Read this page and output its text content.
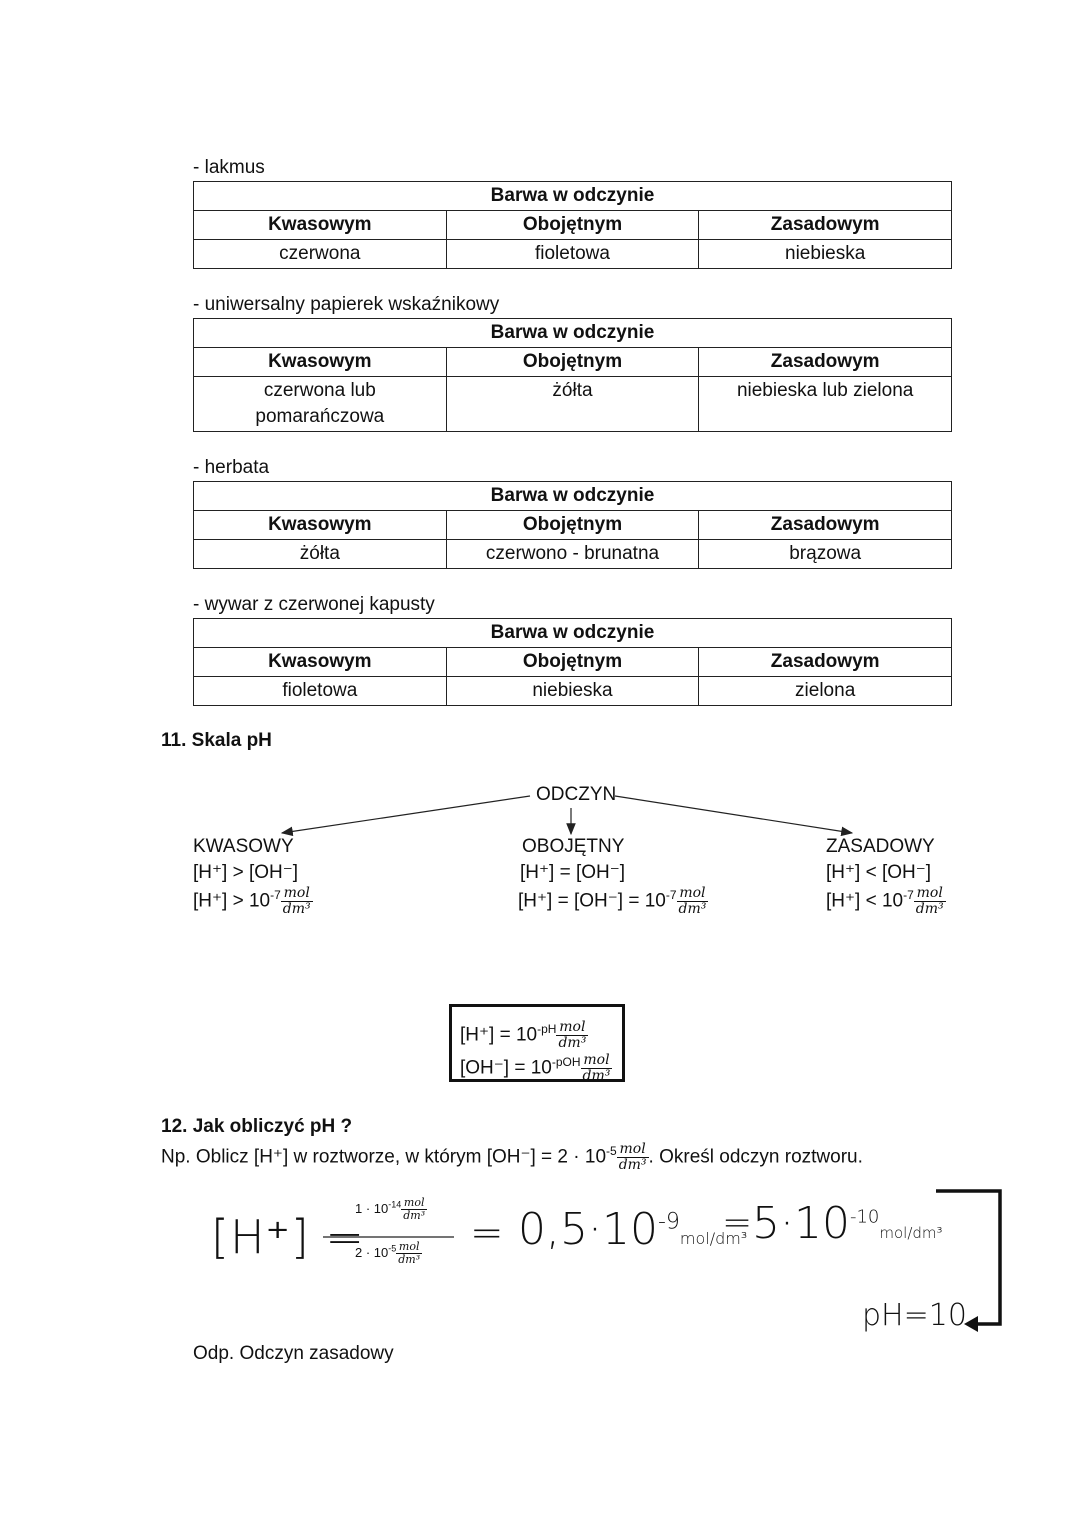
- lakmus
Barwa w odczynie		
Kwasowym	Obojętnym	Zasadowym
czerwona	fioletowa	niebieska
- uniwersalny papierek wskaźnikowy
Barwa w odczynie		
Kwasowym	Obojętnym	Zasadowym
czerwona lub pomarańczowa	żółta	niebieska lub zielona
- herbata
Barwa w odczynie		
Kwasowym	Obojętnym	Zasadowym
żółta	czerwono - brunatna	brązowa
- wywar z czerwonej kapusty
Barwa w odczynie		
Kwasowym	Obojętnym	Zasadowym
fioletowa	niebieska	zielona
11. Skala pH
ODCZYN
KWASOWY
[H⁺] > [OH⁻]
$[H^+] > 10^{-7} \frac{\text{mol}}{\text{dm³}}$
OBOJĘTNY
[H⁺] = [OH⁻]
$[H^+] = [OH^-] = 10^{-7} \frac{\text{mol}}{\text{dm³}}$
ZASADOWY
[H⁺] < [OH⁻]
$[H^+] < 10^{-7} \frac{\text{mol}}{\text{dm³}}$
$[H^+] = 10^{-pH} \frac{\text{mol}}{\text{dm³}}$
$[OH^-] = 10^{-pOH} \frac{\text{mol}}{\text{dm³}}$
12. Jak obliczyć pH ?
Np. Oblicz [H⁺] w roztworze, w którym $[OH^-] = 2 \cdot 10^{-5} \frac{\text{mol}}{\text{dm³}}$ . Określ odczyn roztworu.
[H⁺] =
$1 \cdot 10^{-14} \frac{\text{mol}}{\text{dm³}}$
$2 \cdot 10^{-5} \frac{\text{mol}}{\text{dm³}} = 0,5\cdot 10^{-9}mol/dm^3$
= $5\cdot 10^{-10}mol$/dm³
pH=10
Odp. Odczyn zasadowy
